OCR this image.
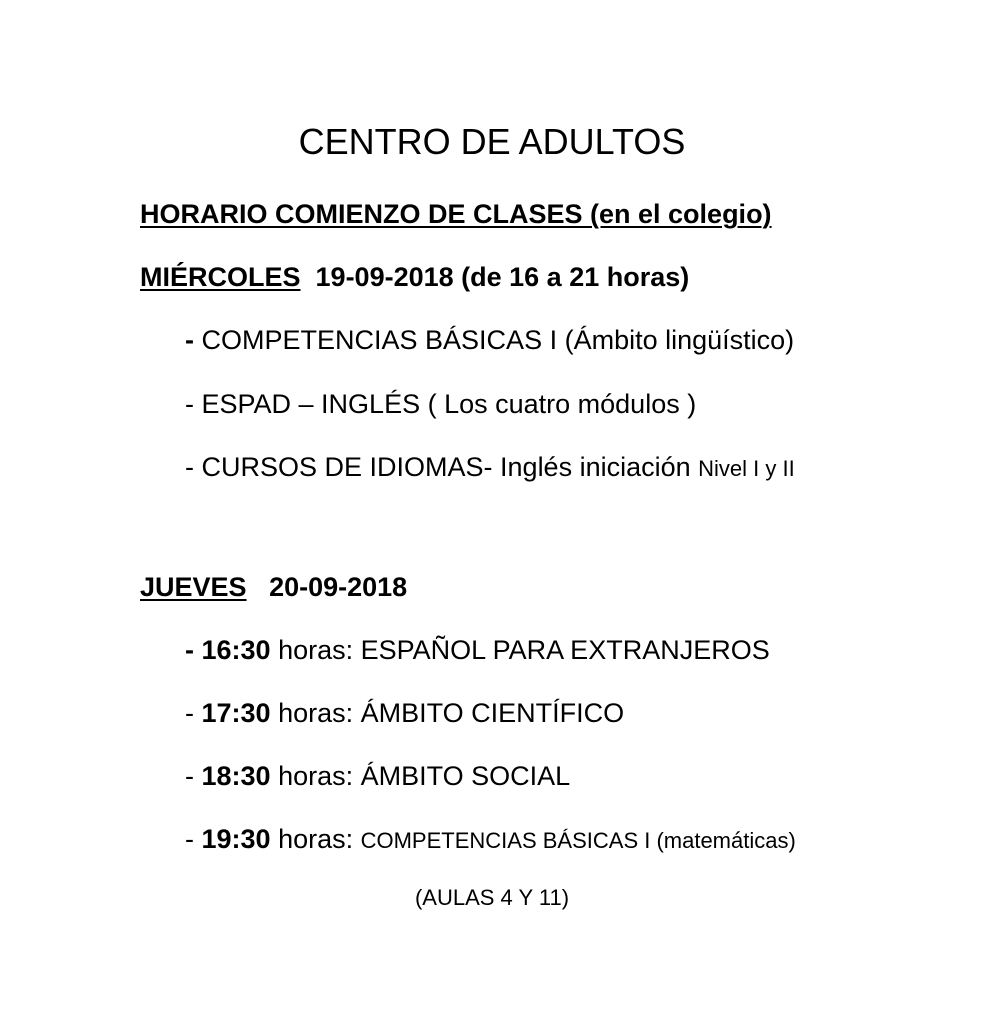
CENTRO DE ADULTOS
HORARIO COMIENZO DE CLASES (en el colegio)
MIÉRCOLES 19-09-2018 (de 16 a 21 horas)
- COMPETENCIAS BÁSICAS I (Ámbito lingüístico)
- ESPAD – INGLÉS ( Los cuatro módulos )
- CURSOS DE IDIOMAS- Inglés iniciación Nivel I y II
JUEVES 20-09-2018
- 16:30 horas: ESPAÑOL PARA EXTRANJEROS
- 17:30 horas: ÁMBITO CIENTÍFICO
- 18:30 horas: ÁMBITO SOCIAL
- 19:30 horas: COMPETENCIAS BÁSICAS I (matemáticas)
(AULAS 4 Y 11)
